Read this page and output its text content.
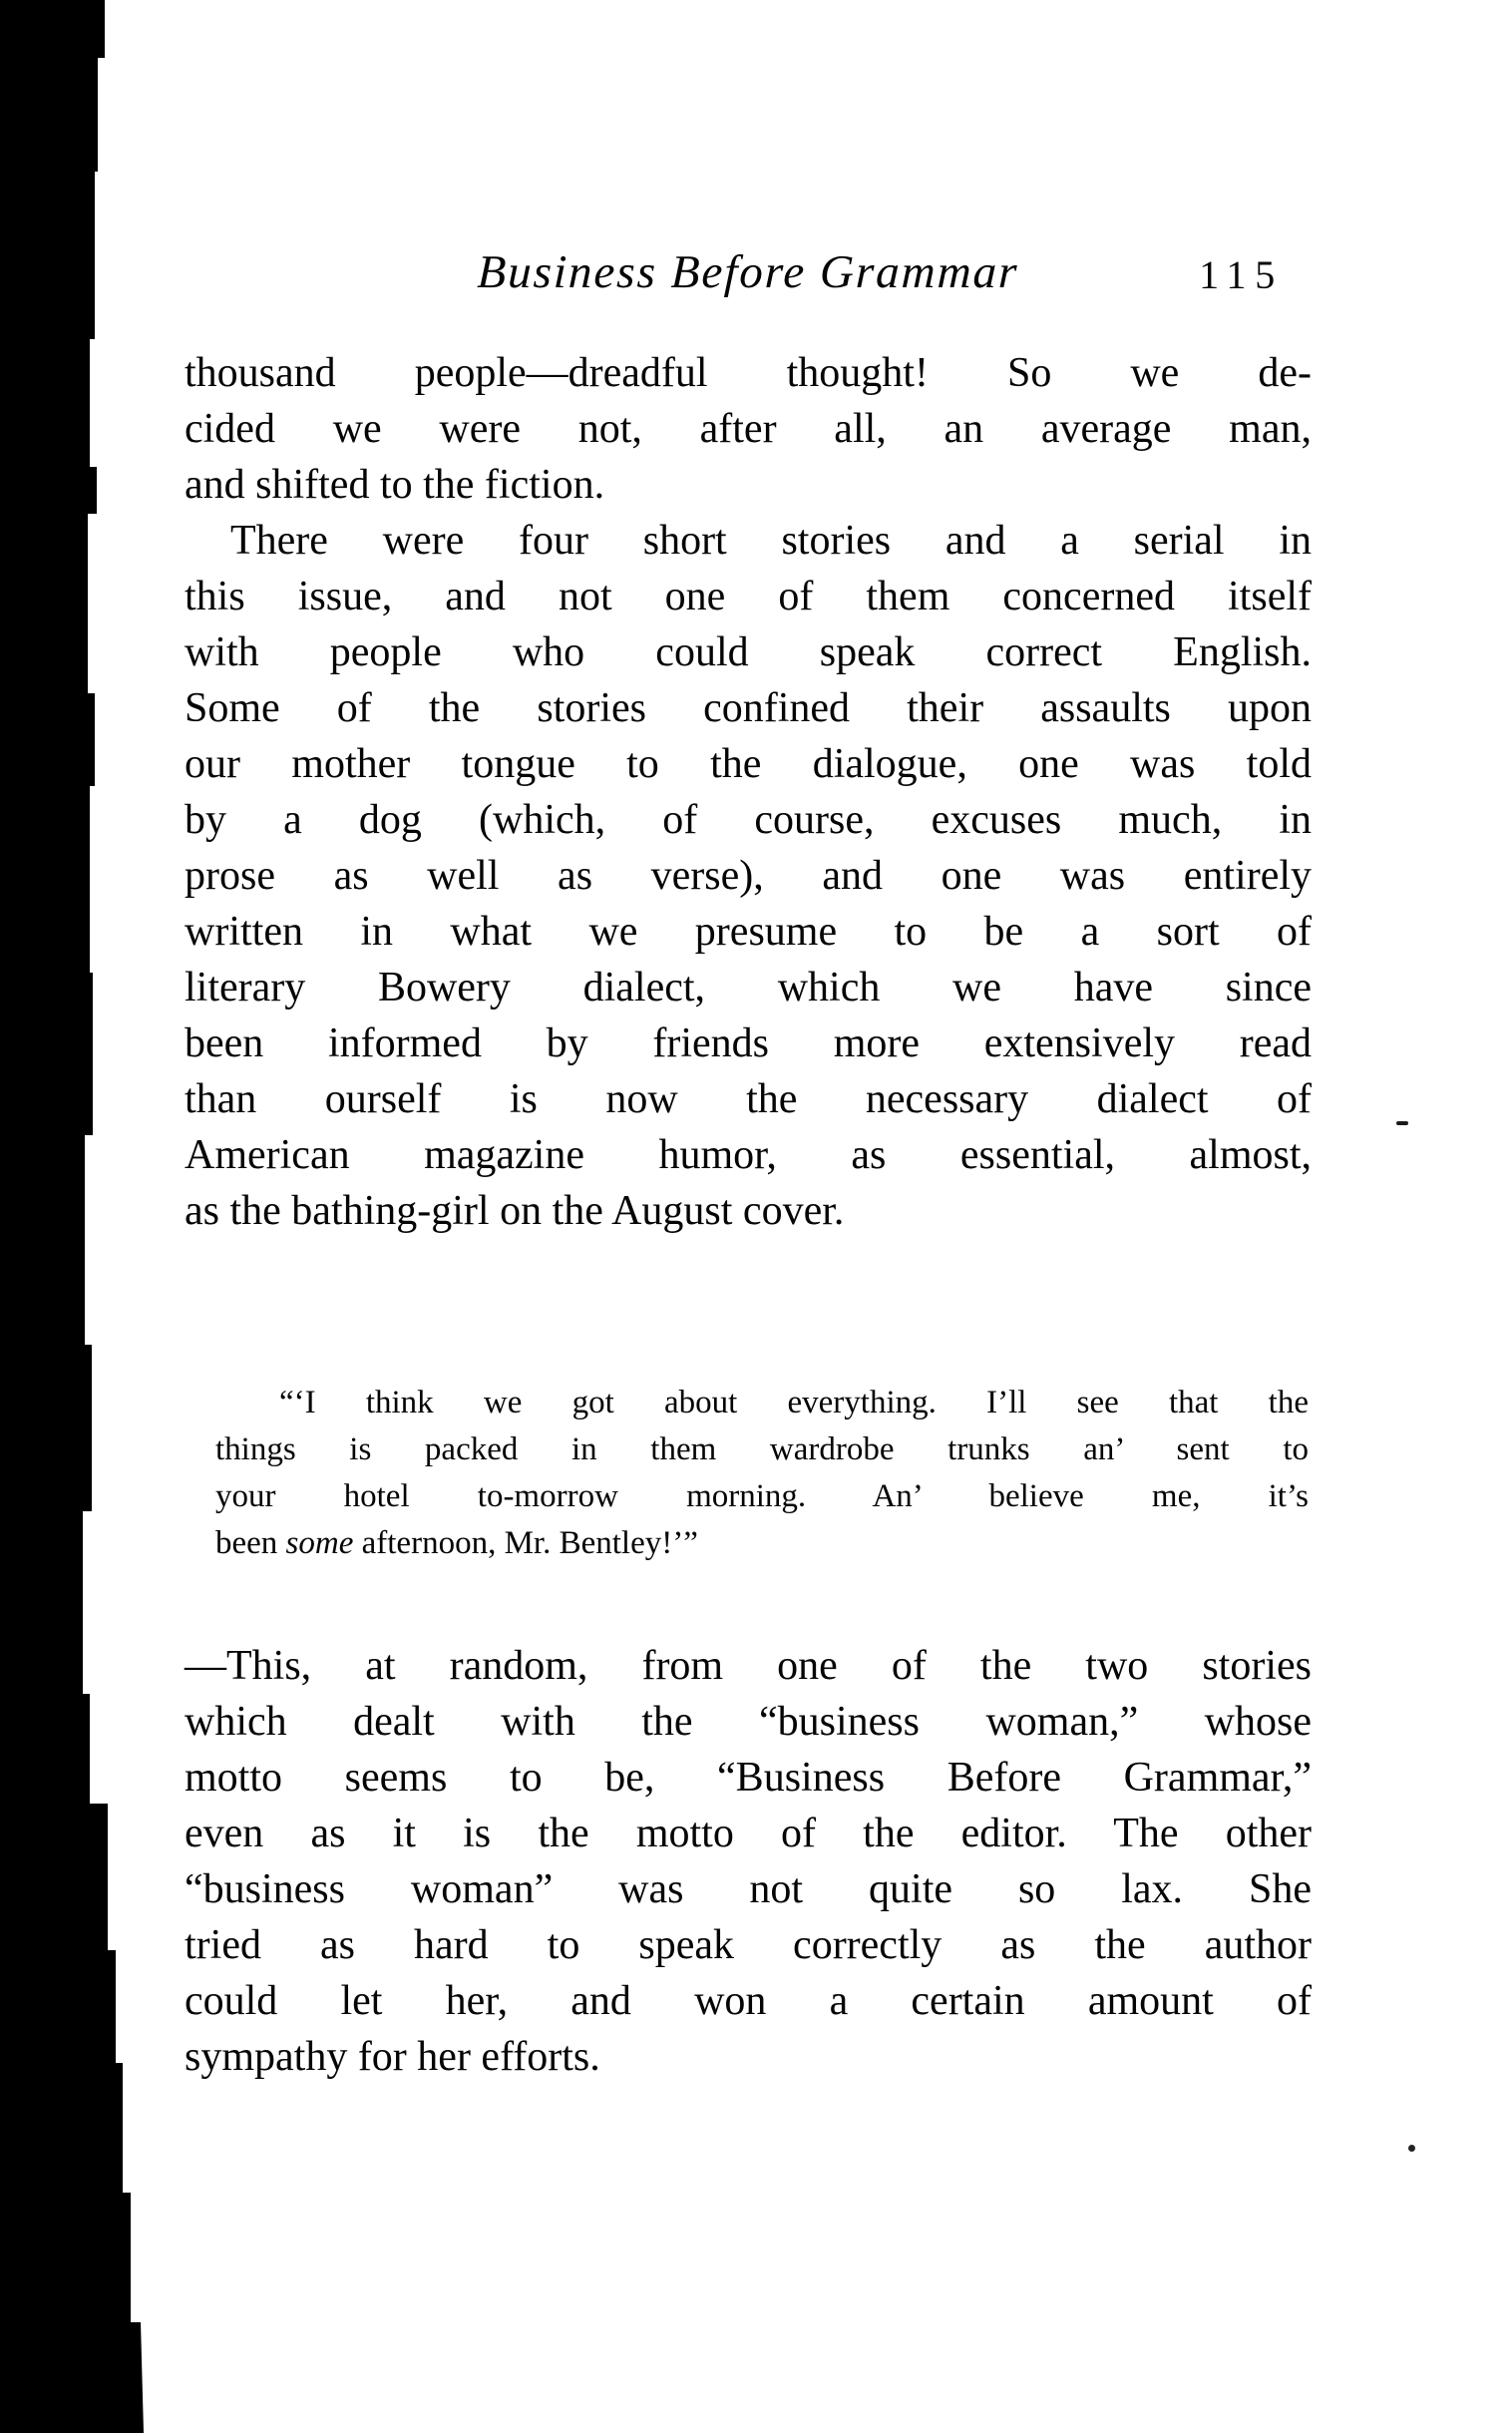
Business Before Grammar	115
thousand people—dreadful thought! So we de-
cided we were not, after all, an average man,
and shifted to the fiction.
There were four short stories and a serial in
this issue, and not one of them concerned itself
with people who could speak correct English.
Some of the stories confined their assaults upon
our mother tongue to the dialogue, one was told
by a dog (which, of course, excuses much, in
prose as well as verse), and one was entirely
written in what we presume to be a sort of
literary Bowery dialect, which we have since
been informed by friends more extensively read
than ourself is now the necessary dialect of
American magazine humor, as essential, almost,
as the bathing-girl on the August cover.
“‘I think we got about everything. I’ll see that the
things is packed in them wardrobe trunks an’ sent to
your hotel to-morrow morning. An’ believe me, it’s
been some afternoon, Mr. Bentley!’”
—This, at random, from one of the two stories
which dealt with the “business woman,” whose
motto seems to be, “Business Before Grammar,”
even as it is the motto of the editor. The other
“business woman” was not quite so lax. She
tried as hard to speak correctly as the author
could let her, and won a certain amount of
sympathy for her efforts.
